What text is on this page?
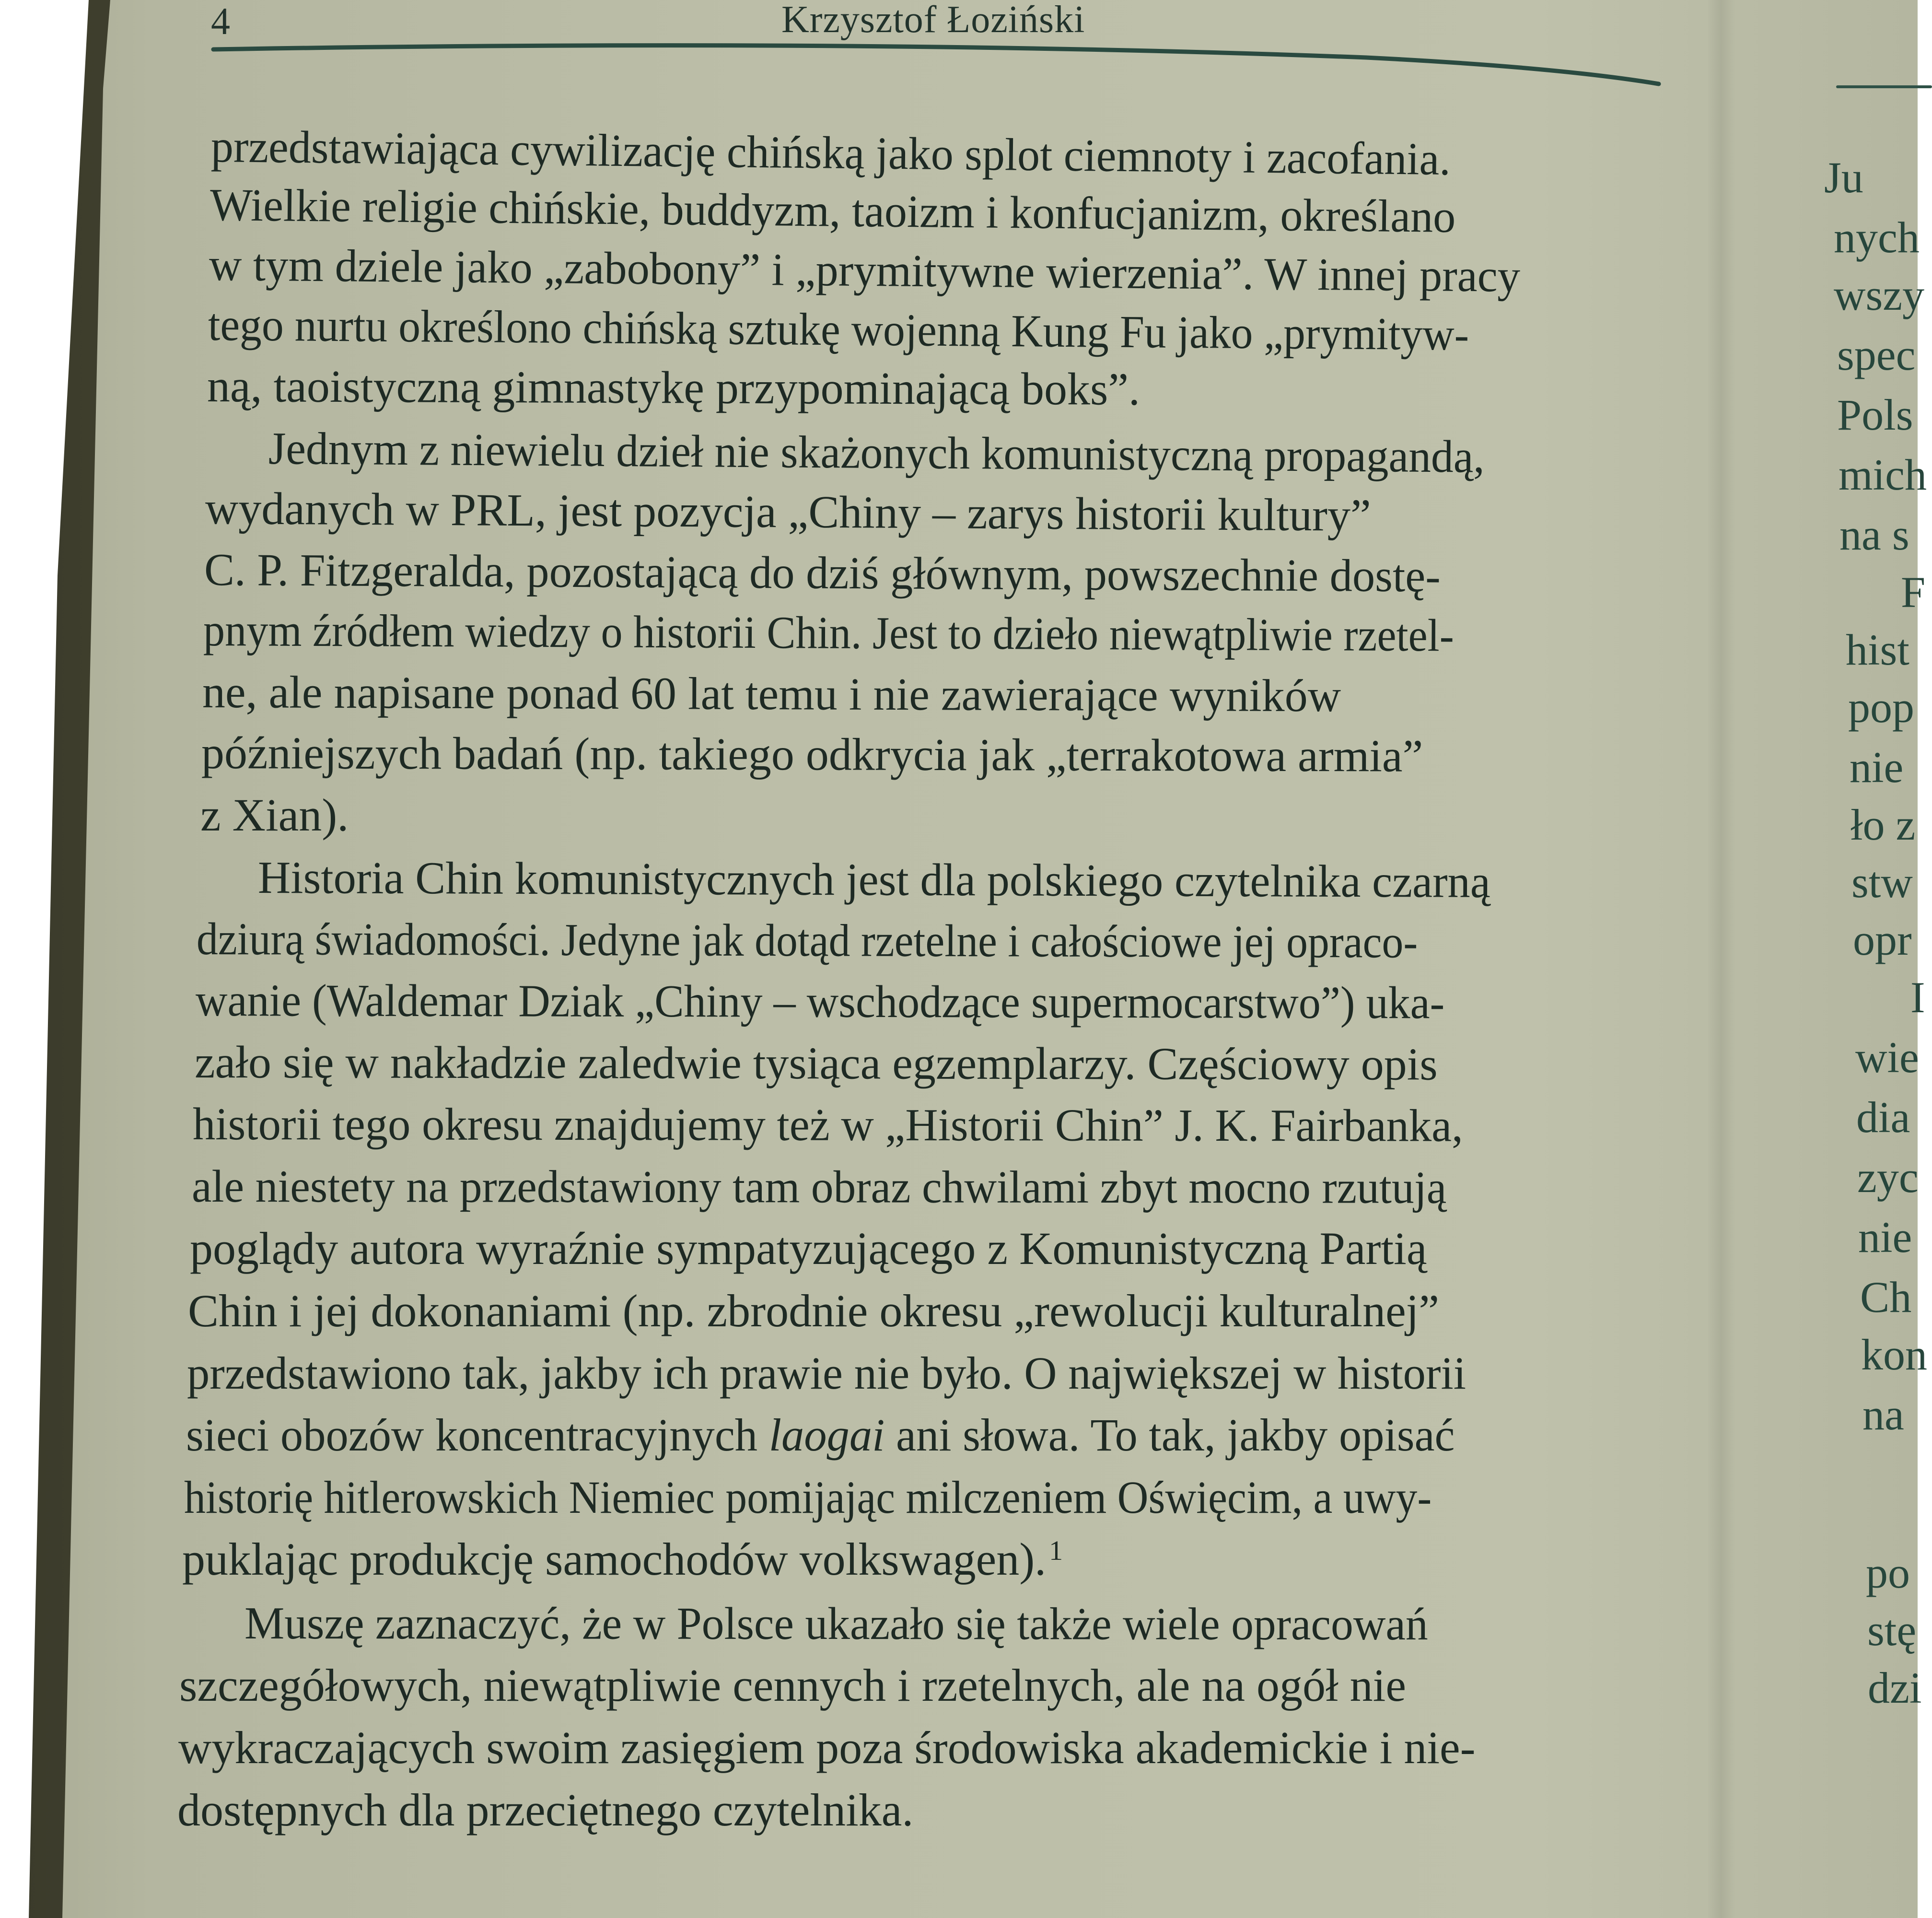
4	Krzysztof Łoziński
przedstawiająca cywilizację chińską jako splot ciemnoty i zacofania.
Wielkie religie chińskie, buddyzm, taoizm i konfucjanizm, określano
w tym dziele jako „zabobony” i „prymitywne wierzenia”. W innej pracy
tego nurtu określono chińską sztukę wojenną Kung Fu jako „prymityw-
ną, taoistyczną gimnastykę przypominającą boks”.
Jednym z niewielu dzieł nie skażonych komunistyczną propagandą,
wydanych w PRL, jest pozycja „Chiny – zarys historii kultury”
C. P. Fitzgeralda, pozostającą do dziś głównym, powszechnie dostę-
pnym źródłem wiedzy o historii Chin. Jest to dzieło niewątpliwie rzetel-
ne, ale napisane ponad 60 lat temu i nie zawierające wyników
późniejszych badań (np. takiego odkrycia jak „terrakotowa armia”
z Xian).
Historia Chin komunistycznych jest dla polskiego czytelnika czarną
dziurą świadomości. Jedyne jak dotąd rzetelne i całościowe jej opraco-
wanie (Waldemar Dziak „Chiny – wschodzące supermocarstwo”) uka-
zało się w nakładzie zaledwie tysiąca egzemplarzy. Częściowy opis
historii tego okresu znajdujemy też w „Historii Chin” J. K. Fairbanka,
ale niestety na przedstawiony tam obraz chwilami zbyt mocno rzutują
poglądy autora wyraźnie sympatyzującego z Komunistyczną Partią
Chin i jej dokonaniami (np. zbrodnie okresu „rewolucji kulturalnej”
przedstawiono tak, jakby ich prawie nie było. O największej w historii
sieci obozów koncentracyjnych laogai ani słowa. To tak, jakby opisać
historię hitlerowskich Niemiec pomijając milczeniem Oświęcim, a uwy-
puklając produkcję samochodów volkswagen). $^1$
Muszę zaznaczyć, że w Polsce ukazało się także wiele opracowań
szczegółowych, niewątpliwie cennych i rzetelnych, ale na ogół nie
wykraczających swoim zasięgiem poza środowiska akademickie i nie-
dostępnych dla przeciętnego czytelnika.
Ju
nych
wszy
spec
Pols
mich
na s
F
hist
pop
nie
ło z
stw
opr
I
wie
dia
zyc
nie
Ch
kon
na
po
stę
dzi
